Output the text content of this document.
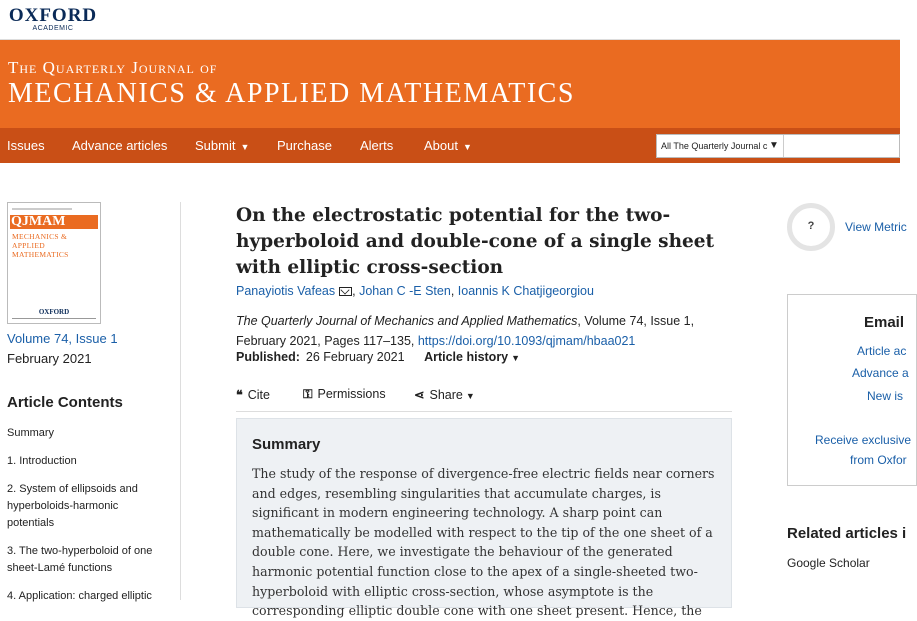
OXFORD
ACADEMIC
The Quarterly Journal of
MECHANICS & APPLIED MATHEMATICS
Issues Advance articles Submit ▼ Purchase Alerts About ▼	All The Quarterly Journal c ▼
QJMAM
MECHANICS &
APPLIED
MATHEMATICS
OXFORD
Volume 74, Issue 1
February 2021
Article Contents
Summary
1. Introduction
2. System of ellipsoids and hyperboloids-harmonic potentials
3. The two-hyperboloid of one sheet-Lamé functions
4. Application: charged elliptic
On the electrostatic potential for the two-hyperboloid and double-cone of a single sheet with elliptic cross-section
Panayiotis Vafeas , Johan C -E Sten, Ioannis K Chatjigeorgiou
The Quarterly Journal of Mechanics and Applied Mathematics, Volume 74, Issue 1, February 2021, Pages 117–135, https://doi.org/10.1093/qjmam/hbaa021
Published: 26 February 2021 Article history ▼
❝ Cite	⚿ Permissions ⋖ Share ▼
Summary

The study of the response of divergence-free electric fields near corners and edges, resembling singularities that accumulate charges, is significant in modern engineering technology. A sharp point can mathematically be modelled with respect to the tip of the one sheet of a double cone. Here, we investigate the behaviour of the generated harmonic potential function close to the apex of a single-sheeted two-hyperboloid with elliptic cross-section, whose asymptote is the corresponding elliptic double cone with one sheet present. Hence, the

?	View Metric
Email
Article ac
Advance a
New is
Receive exclusive
from Oxfor
Related articles i
Google Scholar
